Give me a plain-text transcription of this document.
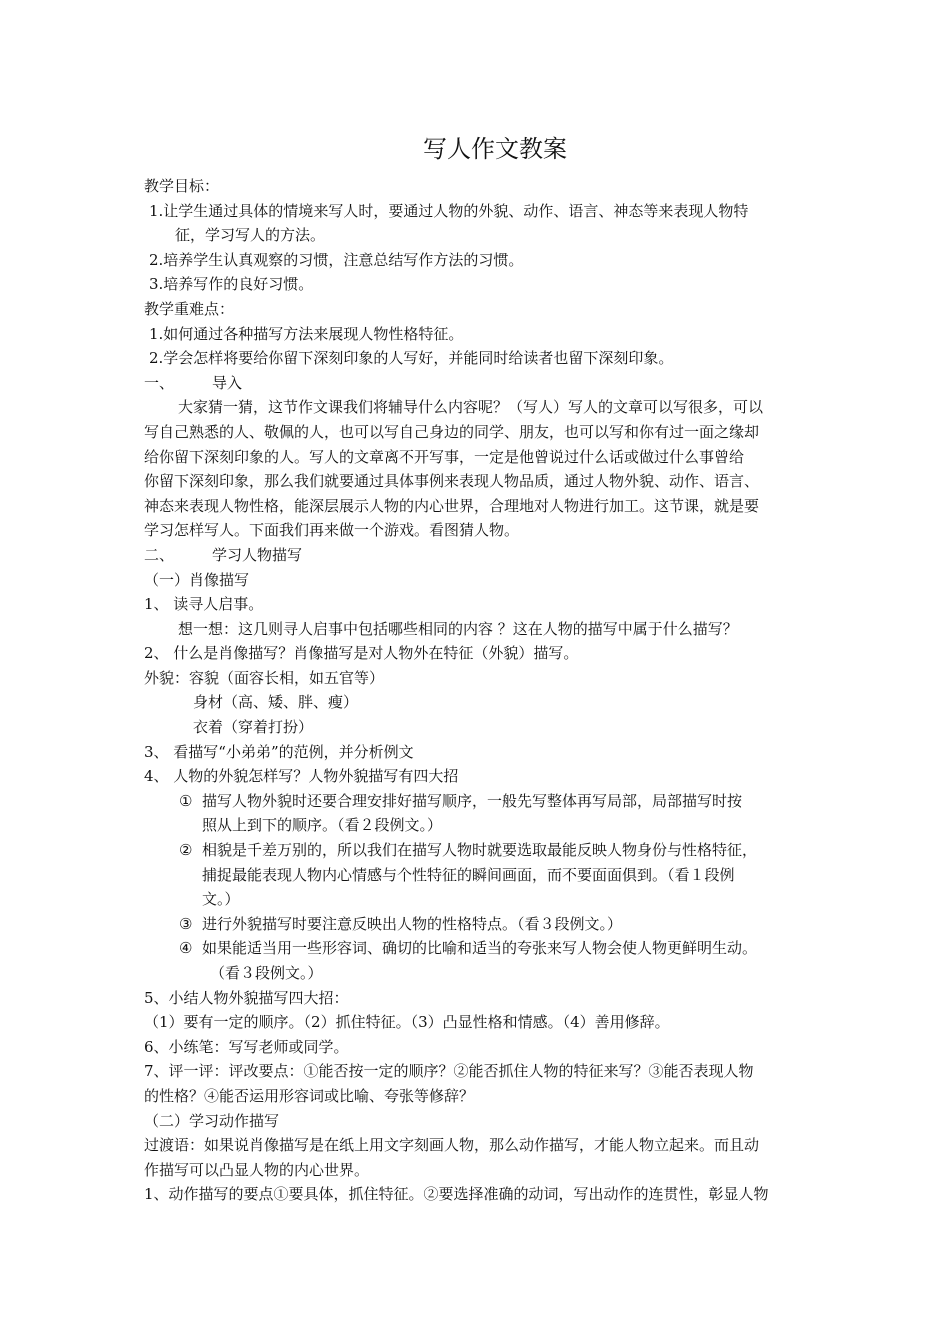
写人作文教案
教学目标：
1.让学生通过具体的情境来写人时，要通过人物的外貌、动作、语言、神态等来表现人物特
征，学习写人的方法。
2.培养学生认真观察的习惯，注意总结写作方法的习惯。
3.培养写作的良好习惯。
教学重难点：
1.如何通过各种描写方法来展现人物性格特征。
2.学会怎样将要给你留下深刻印象的人写好，并能同时给读者也留下深刻印象。
一、	导入
大家猜一猜，这节作文课我们将辅导什么内容呢？（写人）写人的文章可以写很多，可以
写自己熟悉的人、敬佩的人，也可以写自己身边的同学、朋友，也可以写和你有过一面之缘却
给你留下深刻印象的人。写人的文章离不开写事，一定是他曾说过什么话或做过什么事曾给
你留下深刻印象，那么我们就要通过具体事例来表现人物品质，通过人物外貌、动作、语言、
神态来表现人物性格，能深层展示人物的内心世界，合理地对人物进行加工。这节课，就是要
学习怎样写人。下面我们再来做一个游戏。看图猜人物。
二、	学习人物描写
（一）肖像描写
1、 读寻人启事。
想一想：这几则寻人启事中包括哪些相同的内容 ？这在人物的描写中属于什么描写？
2、 什么是肖像描写？肖像描写是对人物外在特征（外貌）描写。
外貌：容貌（面容长相，如五官等）
身材（高、矮、胖、瘦）
衣着（穿着打扮）
3、 看描写“小弟弟”的范例，并分析例文
4、 人物的外貌怎样写？人物外貌描写有四大招
① 描写人物外貌时还要合理安排好描写顺序，一般先写整体再写局部，局部描写时按
照从上到下的顺序。（看２段例文。）
② 相貌是千差万别的，所以我们在描写人物时就要选取最能反映人物身份与性格特征，
捕捉最能表现人物内心情感与个性特征的瞬间画面，而不要面面俱到。（看１段例
文。）
③ 进行外貌描写时要注意反映出人物的性格特点。（看３段例文。）
④ 如果能适当用一些形容词、确切的比喻和适当的夸张来写人物会使人物更鲜明生动。
（看３段例文。）
5、小结人物外貌描写四大招：
（1）要有一定的顺序。（2）抓住特征。（3）凸显性格和情感。（4）善用修辞。
6、小练笔：写写老师或同学。
7、评一评：评改要点：①能否按一定的顺序？②能否抓住人物的特征来写？③能否表现人物
的性格？④能否运用形容词或比喻、夸张等修辞？
（二）学习动作描写
过渡语：如果说肖像描写是在纸上用文字刻画人物，那么动作描写，才能人物立起来。而且动
作描写可以凸显人物的内心世界。
1、动作描写的要点①要具体，抓住特征。②要选择准确的动词，写出动作的连贯性，彰显人物
